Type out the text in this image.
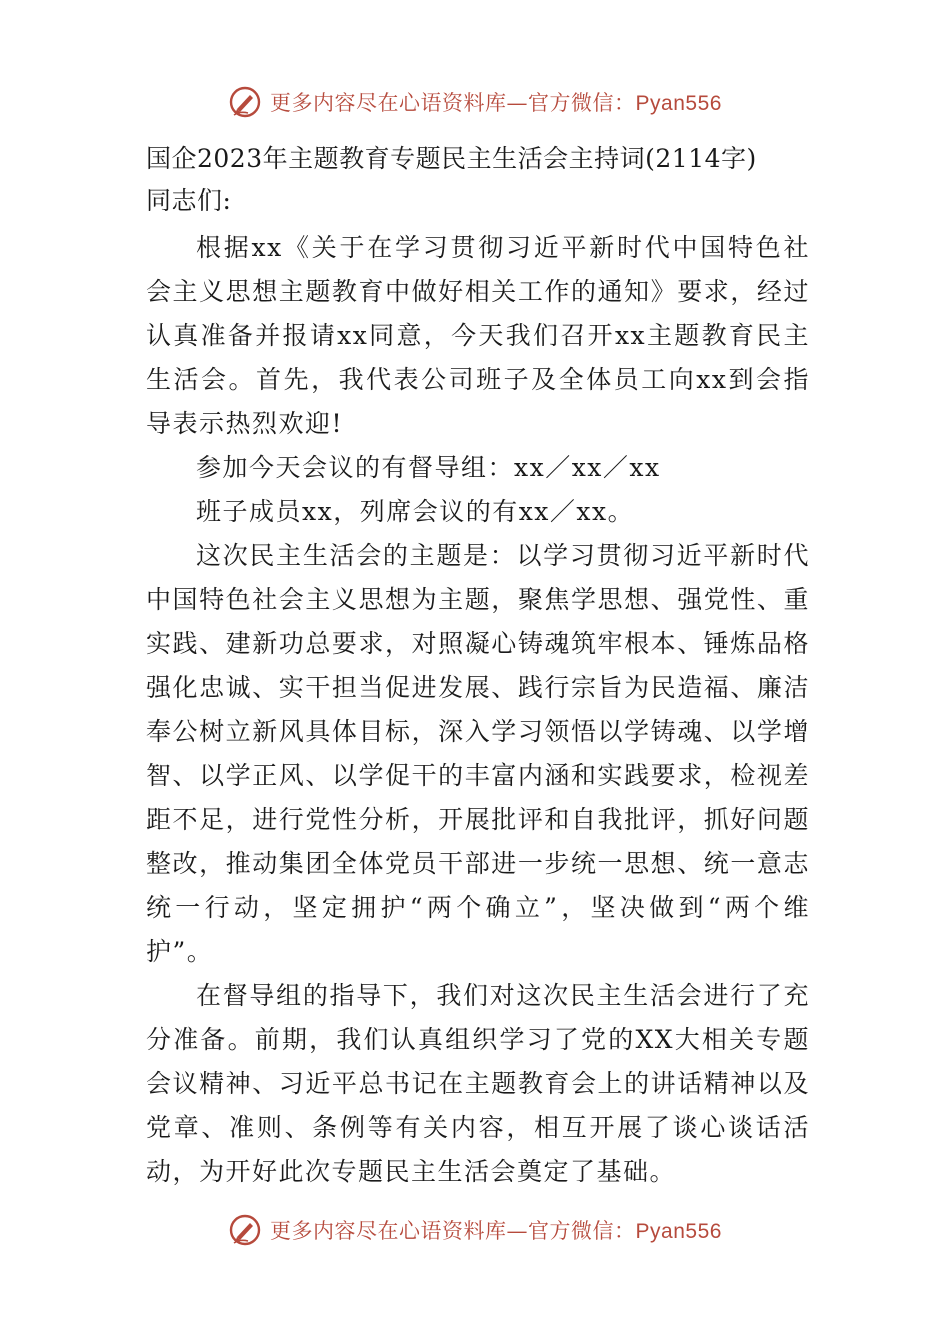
更多内容尽在心语资料库—官方微信：Pyan556

国企2023年主题教育专题民主生活会主持词(2114字)

同志们:

根据xx《关于在学习贯彻习近平新时代中国特色社会主义思想主题教育中做好相关工作的通知》要求，经过认真准备并报请xx同意，今天我们召开xx主题教育民主生活会。首先，我代表公司班子及全体员工向xx到会指导表示热烈欢迎!

参加今天会议的有督导组：xx／xx／xx

班子成员xx，列席会议的有xx／xx。

这次民主生活会的主题是：以学习贯彻习近平新时代中国特色社会主义思想为主题，聚焦学思想、强党性、重实践、建新功总要求，对照凝心铸魂筑牢根本、锤炼品格强化忠诚、实干担当促进发展、践行宗旨为民造福、廉洁奉公树立新风具体目标，深入学习领悟以学铸魂、以学增智、以学正风、以学促干的丰富内涵和实践要求，检视差距不足，进行党性分析，开展批评和自我批评，抓好问题整改，推动集团全体党员干部进一步统一思想、统一意志统一行动，坚定拥护“两个确立”，坚决做到“两个维护”。

在督导组的指导下，我们对这次民主生活会进行了充分准备。前期，我们认真组织学习了党的XX大相关专题会议精神、习近平总书记在主题教育会上的讲话精神以及党章、准则、条例等有关内容，相互开展了谈心谈话活动，为开好此次专题民主生活会奠定了基础。

更多内容尽在心语资料库—官方微信：Pyan556
